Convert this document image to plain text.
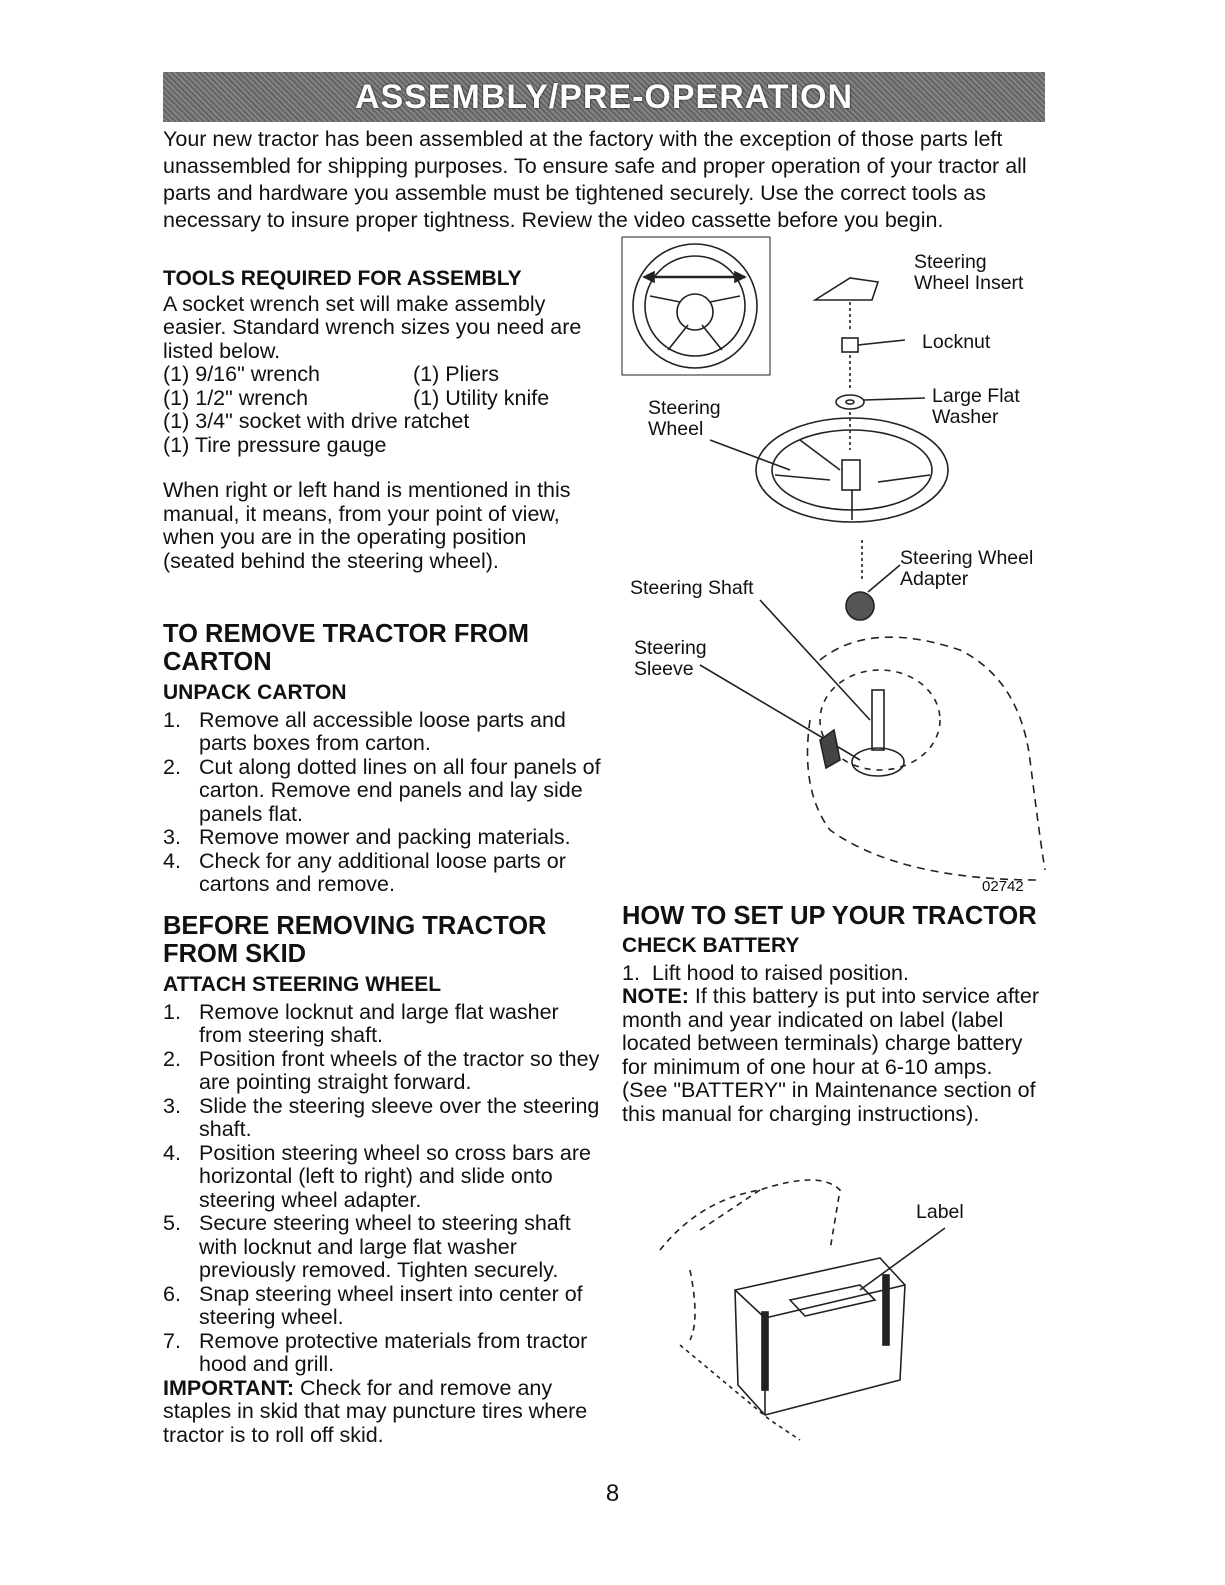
ASSEMBLY/PRE-OPERATION

Your new tractor has been assembled at the factory with the exception of those parts left unassembled for shipping purposes. To ensure safe and proper operation of your tractor all parts and hardware you assemble must be tightened securely. Use the correct tools as necessary to insure proper tightness. Review the video cassette before you begin.

TOOLS REQUIRED FOR ASSEMBLY

A socket wrench set will make assembly easier. Standard wrench sizes you need are listed below.

(1) 9/16" wrench	(1) Pliers
(1) 1/2" wrench	(1) Utility knife
(1) 3/4" socket with drive ratchet
(1) Tire pressure gauge

When right or left hand is mentioned in this manual, it means, from your point of view, when you are in the operating position (seated behind the steering wheel).

TO REMOVE TRACTOR FROM CARTON

UNPACK CARTON

1. Remove all accessible loose parts and parts boxes from carton.
2. Cut along dotted lines on all four panels of carton. Remove end panels and lay side panels flat.
3. Remove mower and packing materials.
4. Check for any additional loose parts or cartons and remove.

BEFORE REMOVING TRACTOR FROM SKID

ATTACH STEERING WHEEL

1. Remove locknut and large flat washer from steering shaft.
2. Position front wheels of the tractor so they are pointing straight forward.
3. Slide the steering sleeve over the steering shaft.
4. Position steering wheel so cross bars are horizontal (left to right) and slide onto steering wheel adapter.
5. Secure steering wheel to steering shaft with locknut and large flat washer previously removed. Tighten securely.
6. Snap steering wheel insert into center of steering wheel.
7. Remove protective materials from tractor hood and grill.

IMPORTANT: Check for and remove any staples in skid that may puncture tires where tractor is to roll off skid.

Steering Wheel Insert
Locknut
Large Flat Washer
Steering Wheel
Steering Wheel Adapter
Steering Shaft
Steering Sleeve
02742

HOW TO SET UP YOUR TRACTOR

CHECK BATTERY

1. Lift hood to raised position.

NOTE: If this battery is put into service after month and year indicated on label (label located between terminals) charge battery for minimum of one hour at 6-10 amps. (See "BATTERY" in Maintenance section of this manual for charging instructions).

Label
8
